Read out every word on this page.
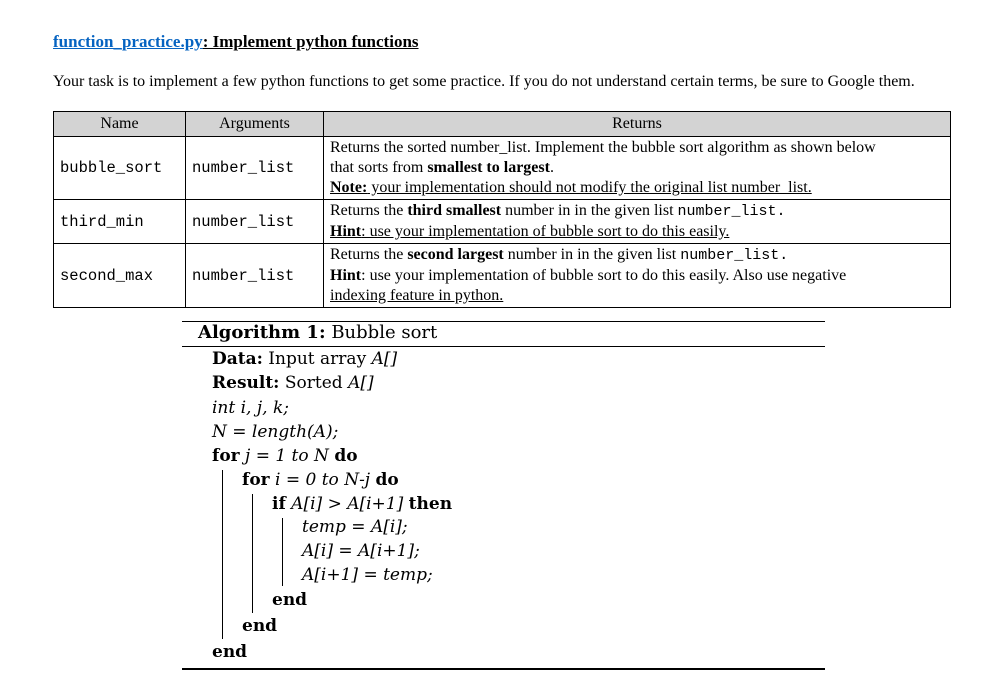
function_practice.py: Implement python functions
Your task is to implement a few python functions to get some practice. If you do not understand certain terms, be sure to Google them.
Name	Arguments	Returns
bubble_sort	number_list	Returns the sorted number_list. Implement the bubble sort algorithm as shown below
that sorts from smallest to largest.
Note: your implementation should not modify the original list number_list.

third_min	number_list	Returns the third smallest number in in the given list number_list.
Hint: use your implementation of bubble sort to do this easily.

second_max	number_list	Returns the second largest number in in the given list number_list.
Hint: use your implementation of bubble sort to do this easily. Also use negative
indexing feature in python.
Algorithm 1: Bubble sort
Data: Input array A[]
Result: Sorted A[]
int i, j, k;
N = length(A);
for j = 1 to N do
for i = 0 to N-j do
if A[i] > A[i+1] then
temp = A[i];
A[i] = A[i+1];
A[i+1] = temp;
end
end
end
